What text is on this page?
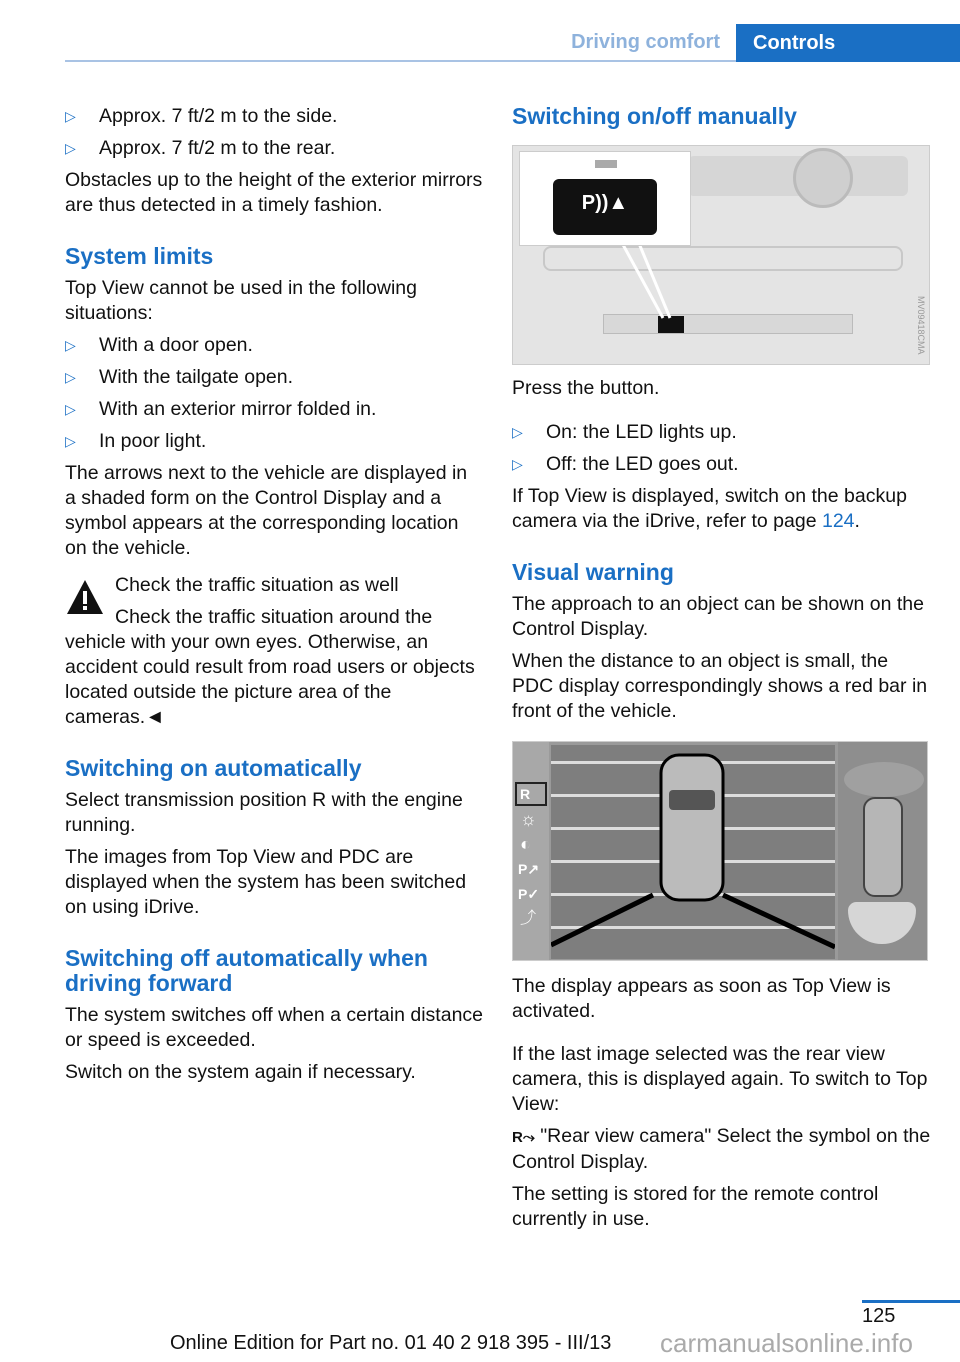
Driving comfort	Controls
▷ Approx. 7 ft/2 m to the side.
▷ Approx. 7 ft/2 m to the rear.

Obstacles up to the height of the exterior mirrors are thus detected in a timely fashion.

System limits

Top View cannot be used in the following situations:

▷ With a door open.
▷ With the tailgate open.
▷ With an exterior mirror folded in.
▷ In poor light.

The arrows next to the vehicle are displayed in a shaded form on the Control Display and a symbol appears at the corresponding location on the vehicle.

Check the traffic situation as well
Check the traffic situation around the vehicle with your own eyes. Otherwise, an accident could result from road users or objects located outside the picture area of the cameras.◄
Switching on automatically

Select transmission position R with the engine running.

The images from Top View and PDC are displayed when the system has been switched on using iDrive.

Switching off automatically when driving forward

The system switches off when a certain distance or speed is exceeded.

Switch on the system again if necessary.

Switching on/off manually
P))▲
MV09418CMA

Press the button.

▷ On: the LED lights up.
▷ Off: the LED goes out.

If Top View is displayed, switch on the backup camera via the iDrive, refer to page 124.

Visual warning

The approach to an object can be shown on the Control Display.

When the distance to an object is small, the PDC display correspondingly shows a red bar in front of the vehicle.

R
☼
◐
P↗
P✓
⤴

The display appears as soon as Top View is activated.

If the last image selected was the rear view camera, this is displayed again. To switch to Top View:

R⤳ "Rear view camera" Select the symbol on the Control Display.

The setting is stored for the remote control currently in use.

125
Online Edition for Part no. 01 40 2 918 395 - III/13 carmanualsonline.info
